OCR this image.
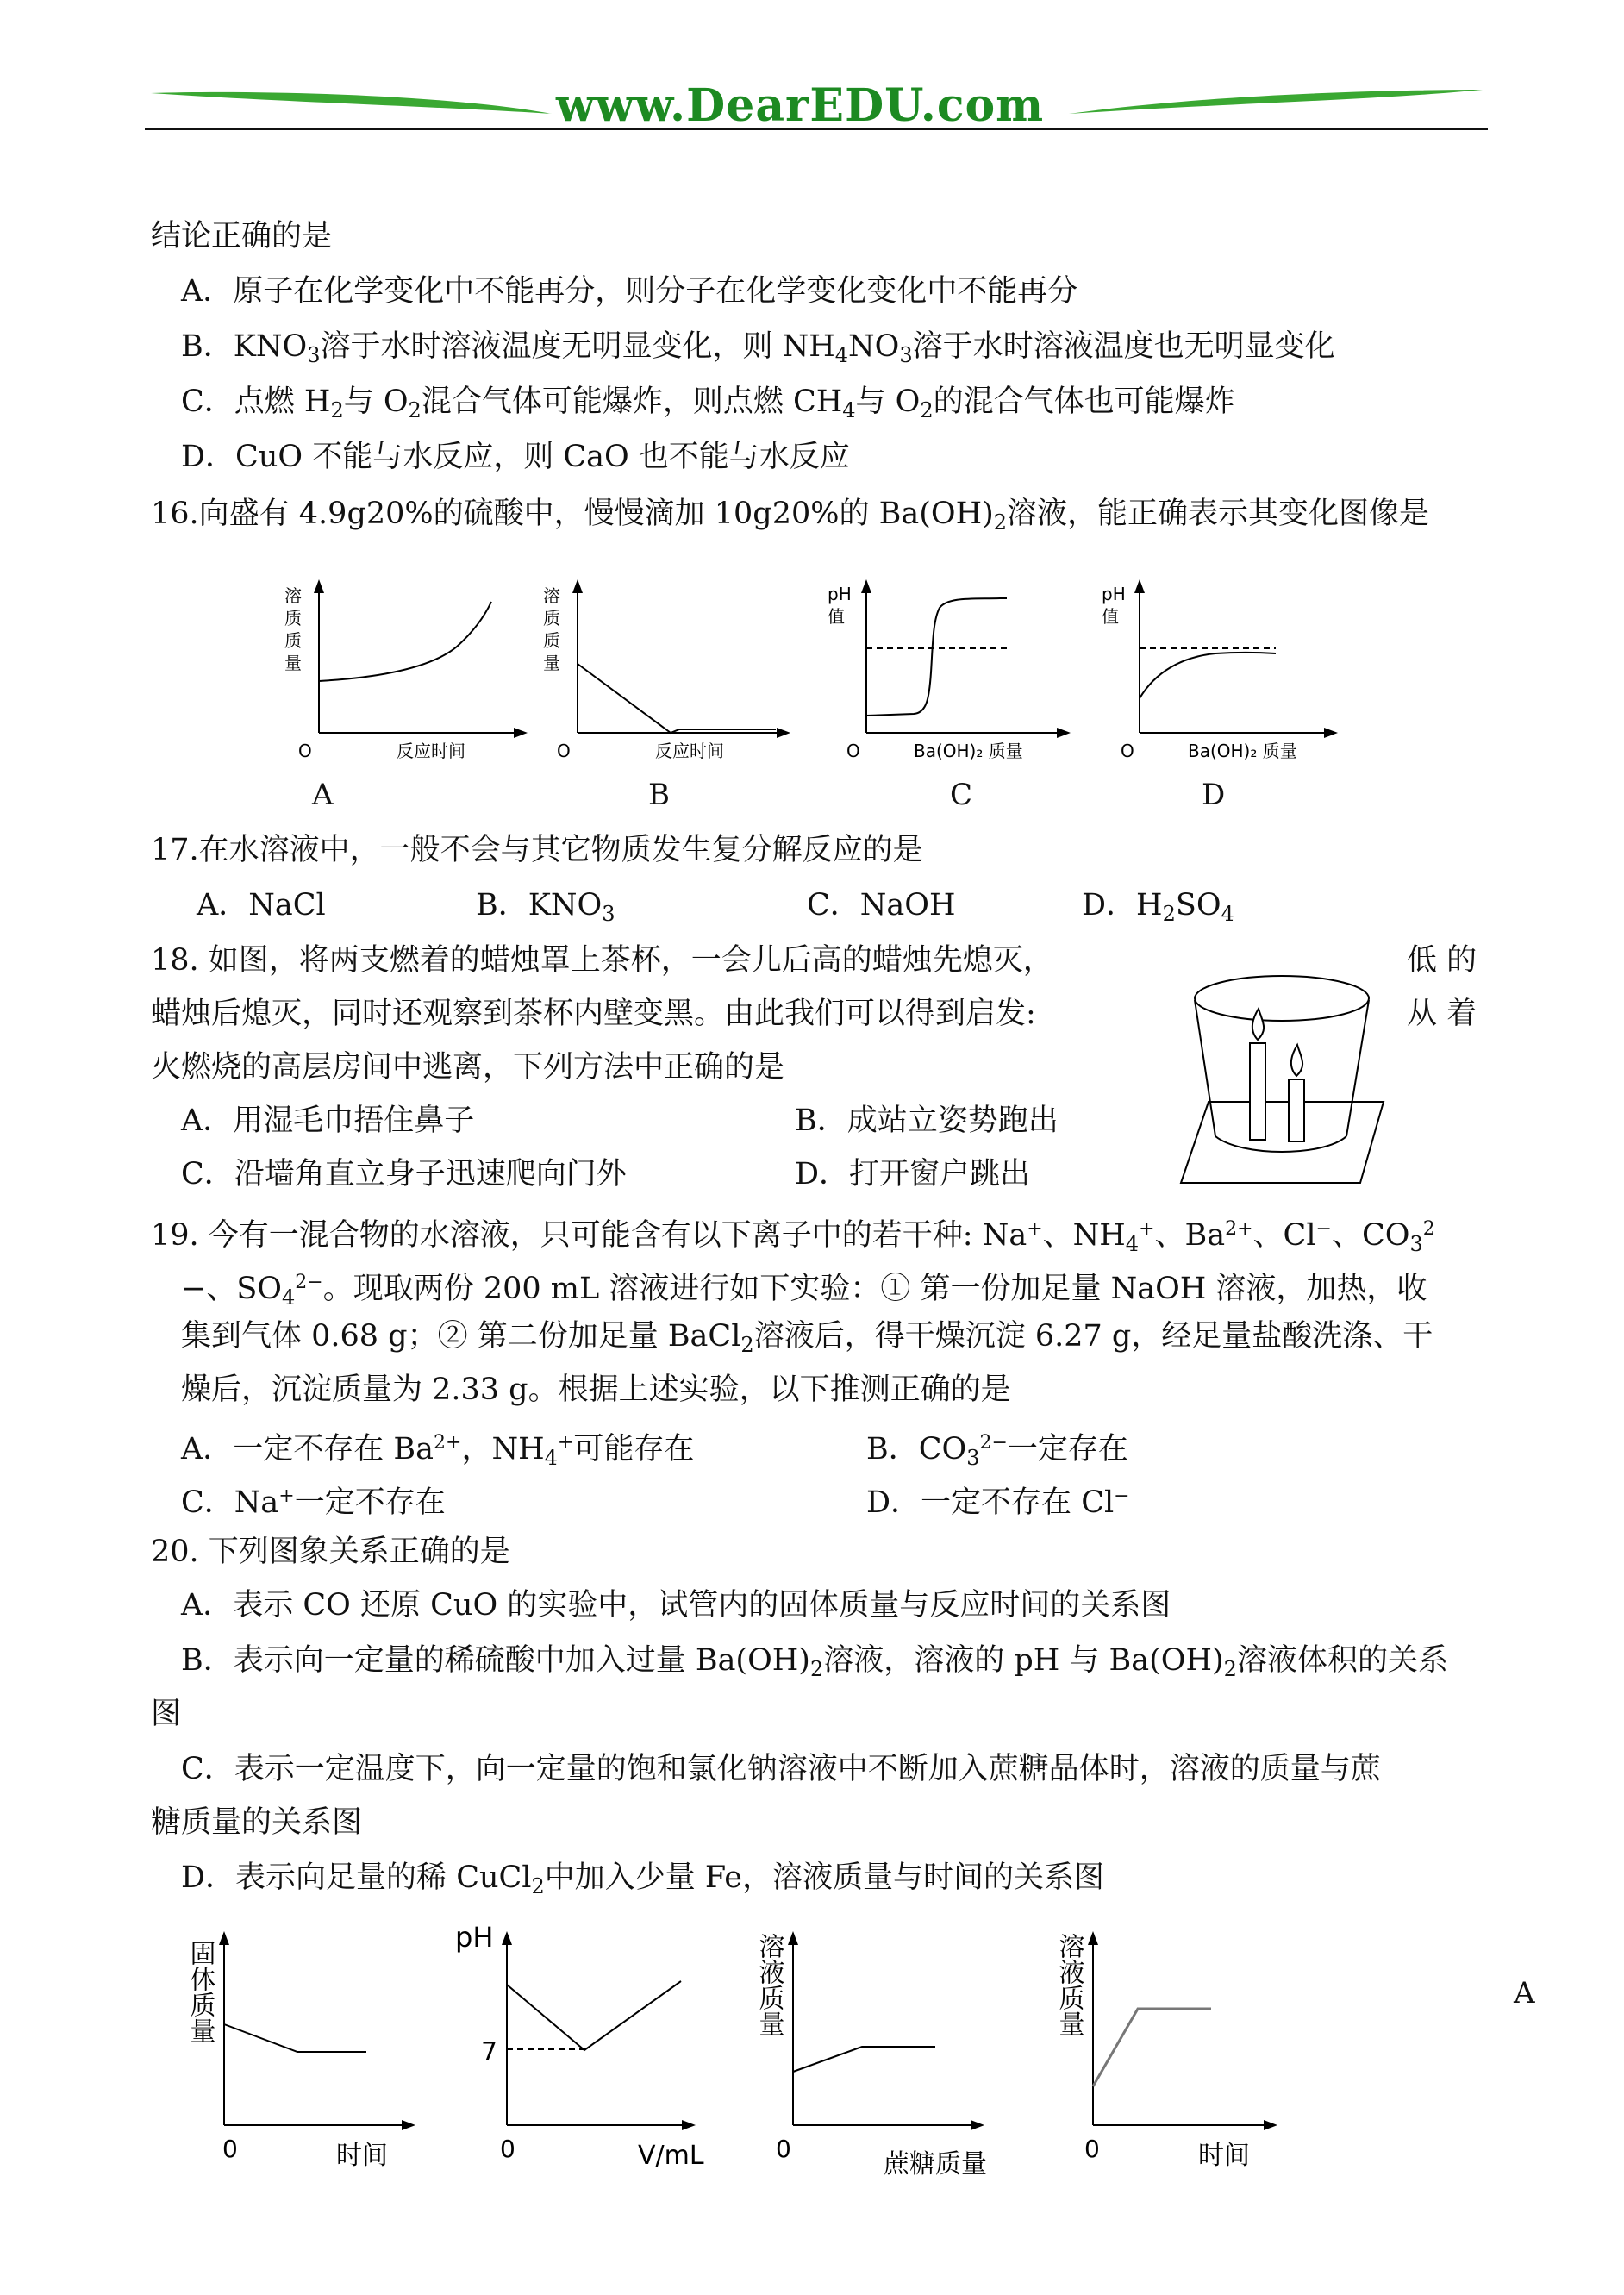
www.DearEDU.com
结论正确的是
A．原子在化学变化中不能再分，则分子在化学变化变化中不能再分
B．$KNO_3$溶于水时溶液温度无明显变化，则 $NH_4NO_3$溶于水时溶液温度也无明显变化
C．点燃 $H_2$与 $O_2$混合气体可能爆炸，则点燃 $CH_4$与 $O_2$的混合气体也可能爆炸
D．CuO 不能与水反应，则 CaO 也不能与水反应
16.向盛有 4.9g20%的硫酸中，慢慢滴加 10g20%的 $Ba(OH)_2$溶液，能正确表示其变化图像是
溶
质
质
量
O	反应时间
溶
质
质
量
O	反应时间
pH
值
O	Ba(OH)₂ 质量
pH
值
O	Ba(OH)₂ 质量
A	B	C	D
17.在水溶液中，一般不会与其它物质发生复分解反应的是
A．NaCl	B．$KNO_3$	C．NaOH	D．$H_2SO_4$
18. 如图，将两支燃着的蜡烛罩上茶杯，一会儿后高的蜡烛先熄灭，	低 的
蜡烛后熄灭，同时还观察到茶杯内壁变黑。由此我们可以得到启发:	从 着
火燃烧的高层房间中逃离，下列方法中正确的是
A．用湿毛巾捂住鼻子	B．成站立姿势跑出
C．沿墙角直立身子迅速爬向门外	D．打开窗户跳出
19. 今有一混合物的水溶液，只可能含有以下离子中的若干种: Na+、$NH_4^+$、$Ba^{2+}$、Cl−、$CO_3^2$
−、$SO_4^{2-}$。现取两份 200 mL 溶液进行如下实验：① 第一份加足量 NaOH 溶液，加热，收
集到气体 0.68 g；② 第二份加足量 BaCl$_2$溶液后，得干燥沉淀 6.27 g，经足量盐酸洗涤、干
燥后，沉淀质量为 2.33 g。根据上述实验，以下推测正确的是
A．一定不存在 $Ba^{2+}$，$NH_4^+$可能存在	B．$CO_3^{2-}$一定存在
C．Na+一定不存在	D．一定不存在 Cl−
20. 下列图象关系正确的是
A．表示 CO 还原 CuO 的实验中，试管内的固体质量与反应时间的关系图
B．表示向一定量的稀硫酸中加入过量 $Ba(OH)_2$溶液，溶液的 pH 与 $Ba(OH)_2$溶液体积的关系
图
C．表示一定温度下，向一定量的饱和氯化钠溶液中不断加入蔗糖晶体时，溶液的质量与蔗
糖质量的关系图
D．表示向足量的稀 CuCl$_2$中加入少量 Fe，溶液质量与时间的关系图
固体质量
0	时间
pH
7
0	V/mL
溶液质量
0
蔗糖质量
溶液质量
0	时间
A
